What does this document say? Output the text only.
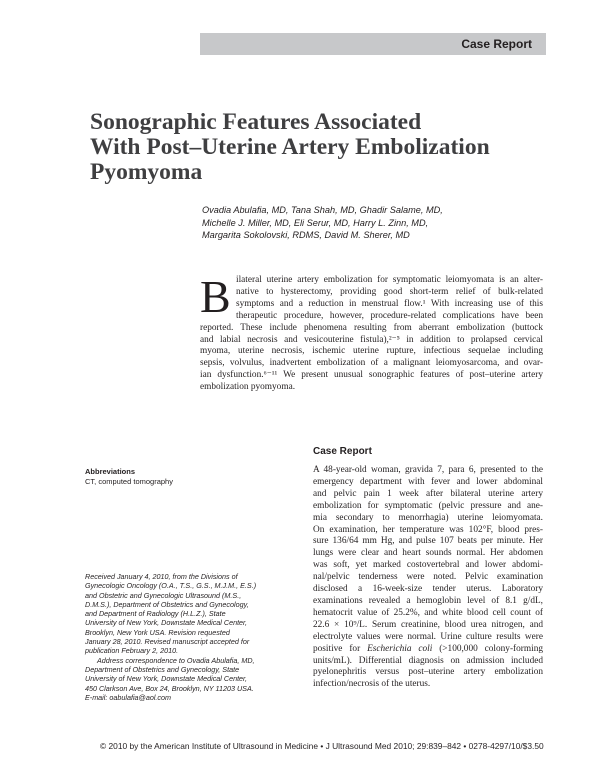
Case Report
Sonographic Features Associated
With Post–Uterine Artery Embolization
Pyomyoma
Ovadia Abulafia, MD, Tana Shah, MD, Ghadir Salame, MD,
Michelle J. Miller, MD, Eli Serur, MD, Harry L. Zinn, MD,
Margarita Sokolovski, RDMS, David M. Sherer, MD
B ilateral uterine artery embolization for symptomatic leiomyomata is an alter-
native to hysterectomy, providing good short-term relief of bulk-related
symptoms and a reduction in menstrual flow.¹ With increasing use of this
therapeutic procedure, however, procedure-related complications have been
reported. These include phenomena resulting from aberrant embolization (buttock
and labial necrosis and vesicouterine fistula),²⁻⁵ in addition to prolapsed cervical
myoma, uterine necrosis, ischemic uterine rupture, infectious sequelae including
sepsis, volvulus, inadvertent embolization of a malignant leiomyosarcoma, and ovar-
ian dysfunction.⁶⁻¹¹ We present unusual sonographic features of post–uterine artery
embolization pyomyoma.
Case Report
A 48-year-old woman, gravida 7, para 6, presented to the
emergency department with fever and lower abdominal
and pelvic pain 1 week after bilateral uterine artery
embolization for symptomatic (pelvic pressure and ane-
mia secondary to menorrhagia) uterine leiomyomata.
On examination, her temperature was 102°F, blood pres-
sure 136/64 mm Hg, and pulse 107 beats per minute. Her
lungs were clear and heart sounds normal. Her abdomen
was soft, yet marked costovertebral and lower abdomi-
nal/pelvic tenderness were noted. Pelvic examination
disclosed a 16-week-size tender uterus. Laboratory
examinations revealed a hemoglobin level of 8.1 g/dL,
hematocrit value of 25.2%, and white blood cell count of
22.6 × 10⁹/L. Serum creatinine, blood urea nitrogen, and
electrolyte values were normal. Urine culture results were
positive for Escherichia coli (>100,000 colony-forming
units/mL). Differential diagnosis on admission included
pyelonephritis versus post–uterine artery embolization
infection/necrosis of the uterus.
Abbreviations
CT, computed tomography
Received January 4, 2010, from the Divisions of
Gynecologic Oncology (O.A., T.S., G.S., M.J.M., E.S.)
and Obstetric and Gynecologic Ultrasound (M.S.,
D.M.S.), Department of Obstetrics and Gynecology,
and Department of Radiology (H.L.Z.), State
University of New York, Downstate Medical Center,
Brooklyn, New York USA. Revision requested
January 28, 2010. Revised manuscript accepted for
publication February 2, 2010.
Address correspondence to Ovadia Abulafia, MD,
Department of Obstetrics and Gynecology, State
University of New York, Downstate Medical Center,
450 Clarkson Ave, Box 24, Brooklyn, NY 11203 USA.
E-mail: oabulafia@aol.com
© 2010 by the American Institute of Ultrasound in Medicine • J Ultrasound Med 2010; 29:839–842 • 0278-4297/10/$3.50
